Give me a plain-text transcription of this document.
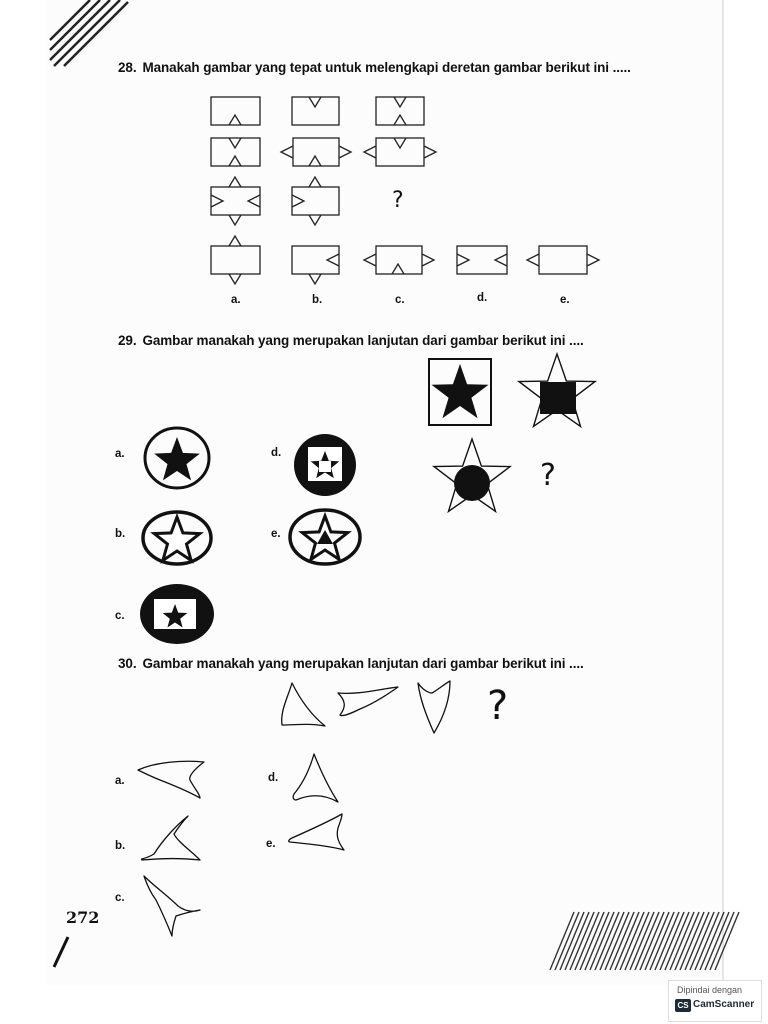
28. Manakah gambar yang tepat untuk melengkapi deretan gambar berikut ini .....
?
a.	b.	c.	d.	e.
29. Gambar manakah yang merupakan lanjutan dari gambar berikut ini ....
?
a.
b.
c.
d.
e.
30. Gambar manakah yang merupakan lanjutan dari gambar berikut ini ....
?
a.
b.
c.
d.
e.
272
Dipindai dengan
CS CamScanner
